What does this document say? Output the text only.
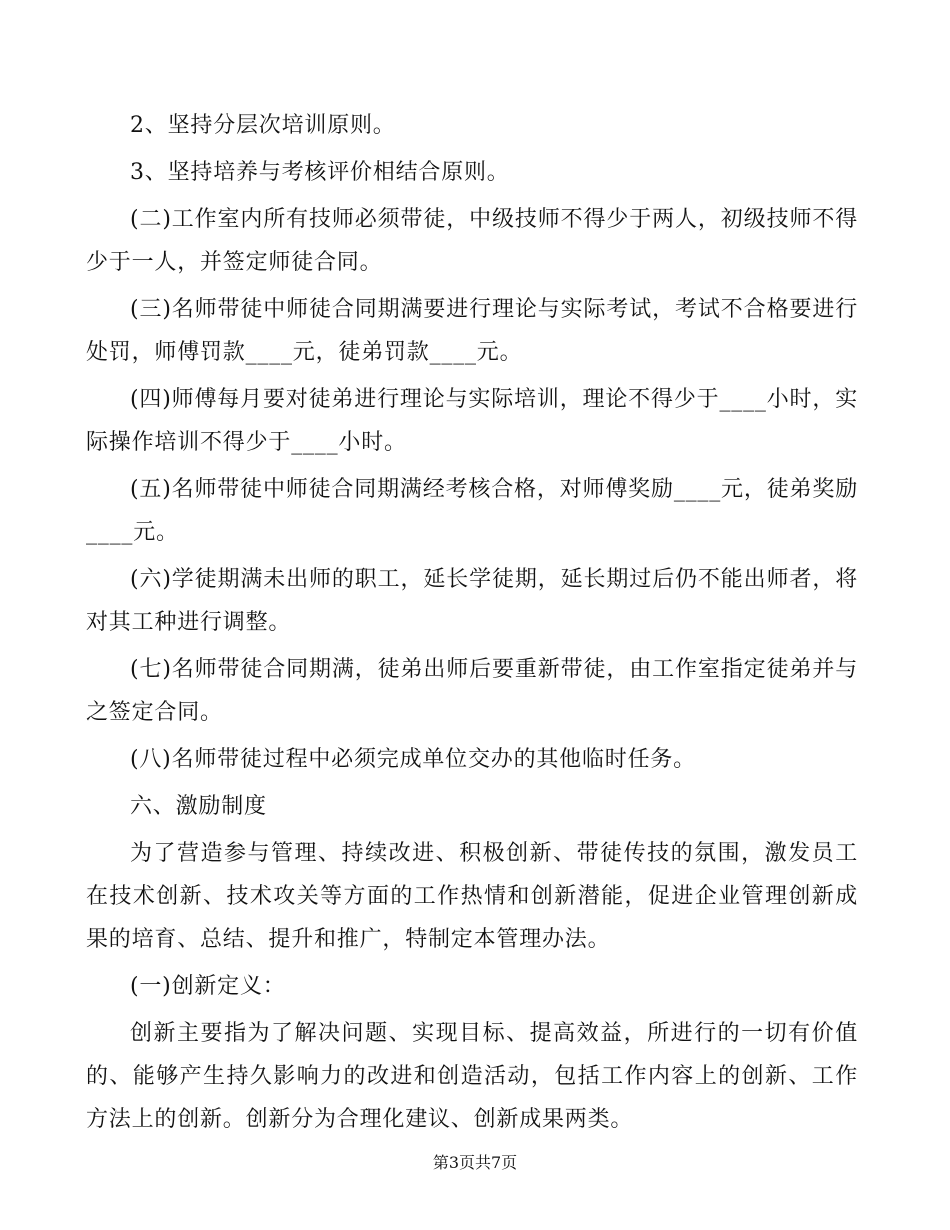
2、坚持分层次培训原则。

3、坚持培养与考核评价相结合原则。

(二)工作室内所有技师必须带徒，中级技师不得少于两人，初级技师不得少于一人，并签定师徒合同。

(三)名师带徒中师徒合同期满要进行理论与实际考试，考试不合格要进行处罚，师傅罚款____元，徒弟罚款____元。

(四)师傅每月要对徒弟进行理论与实际培训，理论不得少于____小时，实际操作培训不得少于____小时。

(五)名师带徒中师徒合同期满经考核合格，对师傅奖励____元，徒弟奖励____元。

(六)学徒期满未出师的职工，延长学徒期，延长期过后仍不能出师者，将对其工种进行调整。

(七)名师带徒合同期满，徒弟出师后要重新带徒，由工作室指定徒弟并与之签定合同。

(八)名师带徒过程中必须完成单位交办的其他临时任务。

六、激励制度

为了营造参与管理、持续改进、积极创新、带徒传技的氛围，激发员工在技术创新、技术攻关等方面的工作热情和创新潜能，促进企业管理创新成果的培育、总结、提升和推广，特制定本管理办法。

(一)创新定义：

创新主要指为了解决问题、实现目标、提高效益，所进行的一切有价值的、能够产生持久影响力的改进和创造活动，包括工作内容上的创新、工作方法上的创新。创新分为合理化建议、创新成果两类。

第3页共7页
